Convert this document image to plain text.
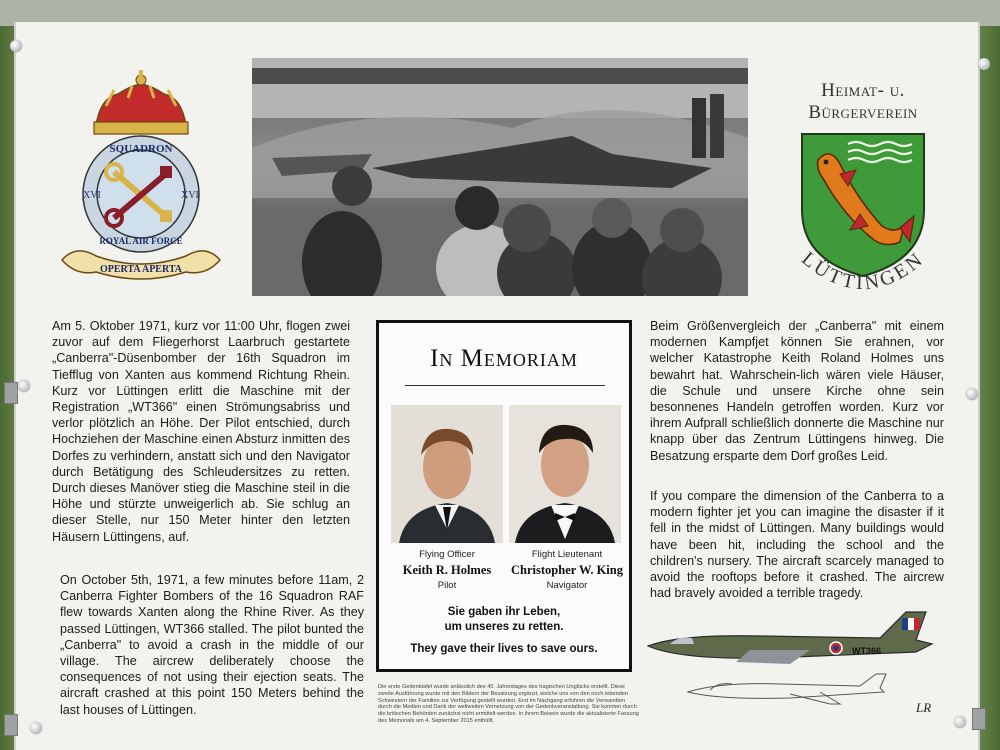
SQUADRON
XVI	XVI
ROYAL AIR FORCE
OPERTA APERTA
Heimat- u.
Bürgerverein
LÜTTINGEN

Am 5. Oktober 1971, kurz vor 11:00 Uhr, flogen zwei zuvor auf dem Fliegerhorst Laarbruch gestartete „Canberra"-Düsenbomber der 16th Squadron im Tiefflug von Xanten aus kommend Richtung Rhein. Kurz vor Lüttingen erlitt die Maschine mit der Registration „WT366" einen Strömungsabriss und verlor plötzlich an Höhe. Der Pilot entschied, durch Hochziehen der Maschine einen Absturz inmitten des Dorfes zu verhindern, anstatt sich und den Navigator durch Betätigung des Schleudersitzes zu retten. Durch dieses Manöver stieg die Maschine steil in die Höhe und stürzte unweigerlich ab. Sie schlug an dieser Stelle, nur 150 Meter hinter den letzten Häusern Lüttingens, auf.

On October 5th, 1971, a few minutes before 11am, 2 Canberra Fighter Bombers of the 16 Squadron RAF flew towards Xanten along the Rhine River. As they passed Lüttingen, WT366 stalled. The pilot bunted the „Canberra" to avoid a crash in the middle of our village. The aircrew deliberately choose the consequences of not using their ejection seats. The aircraft crashed at this point 150 Meters behind the last houses of Lüttingen.

Beim Größenvergleich der „Canberra" mit einem modernen Kampfjet können Sie erahnen, vor welcher Katastrophe Keith Roland Holmes uns bewahrt hat. Wahrschein-lich wären viele Häuser, die Schule und unsere Kirche ohne sein besonnenes Handeln getroffen worden. Kurz vor ihrem Aufprall schließlich donnerte die Maschine nur knapp über das Zentrum Lüttingens hinweg. Die Besatzung ersparte dem Dorf großes Leid.

If you compare the dimension of the Canberra to a modern fighter jet you can imagine the disaster if it fell in the midst of Lüttingen. Many buildings would have been hit, including the school and the children's nursery. The aircraft scarcely managed to avoid the rooftops before it crashed. The aircrew had bravely avoided a terrible tragedy.

In Memoriam
Flying Officer
Keith R. Holmes
Pilot
Flight Lieutenant
Christopher W. King
Navigator
Sie gaben ihr Leben,
um unseres zu retten.
They gave their lives to save ours.

Die erste Gedenktafel wurde anlässlich des 40. Jahrestages des tragischen Unglücks erstellt. Diese zweite Ausführung wurde mit den Bildern der Besatzung ergänzt, welche uns von den noch lebenden Schwestern der Familien zur Verfügung gestellt wurden. Erst im Nachgang erfuhren die Verwandten durch die Medien und Dank der weltweiten Vernetzung von der Gedenkveranstaltung. Sie konnten durch die britischen Behörden zunächst nicht ermittelt werden. In ihrem Beisein wurde die aktualisierte Fassung des Memorials am 4. September 2015 enthüllt.

WT366
LR
